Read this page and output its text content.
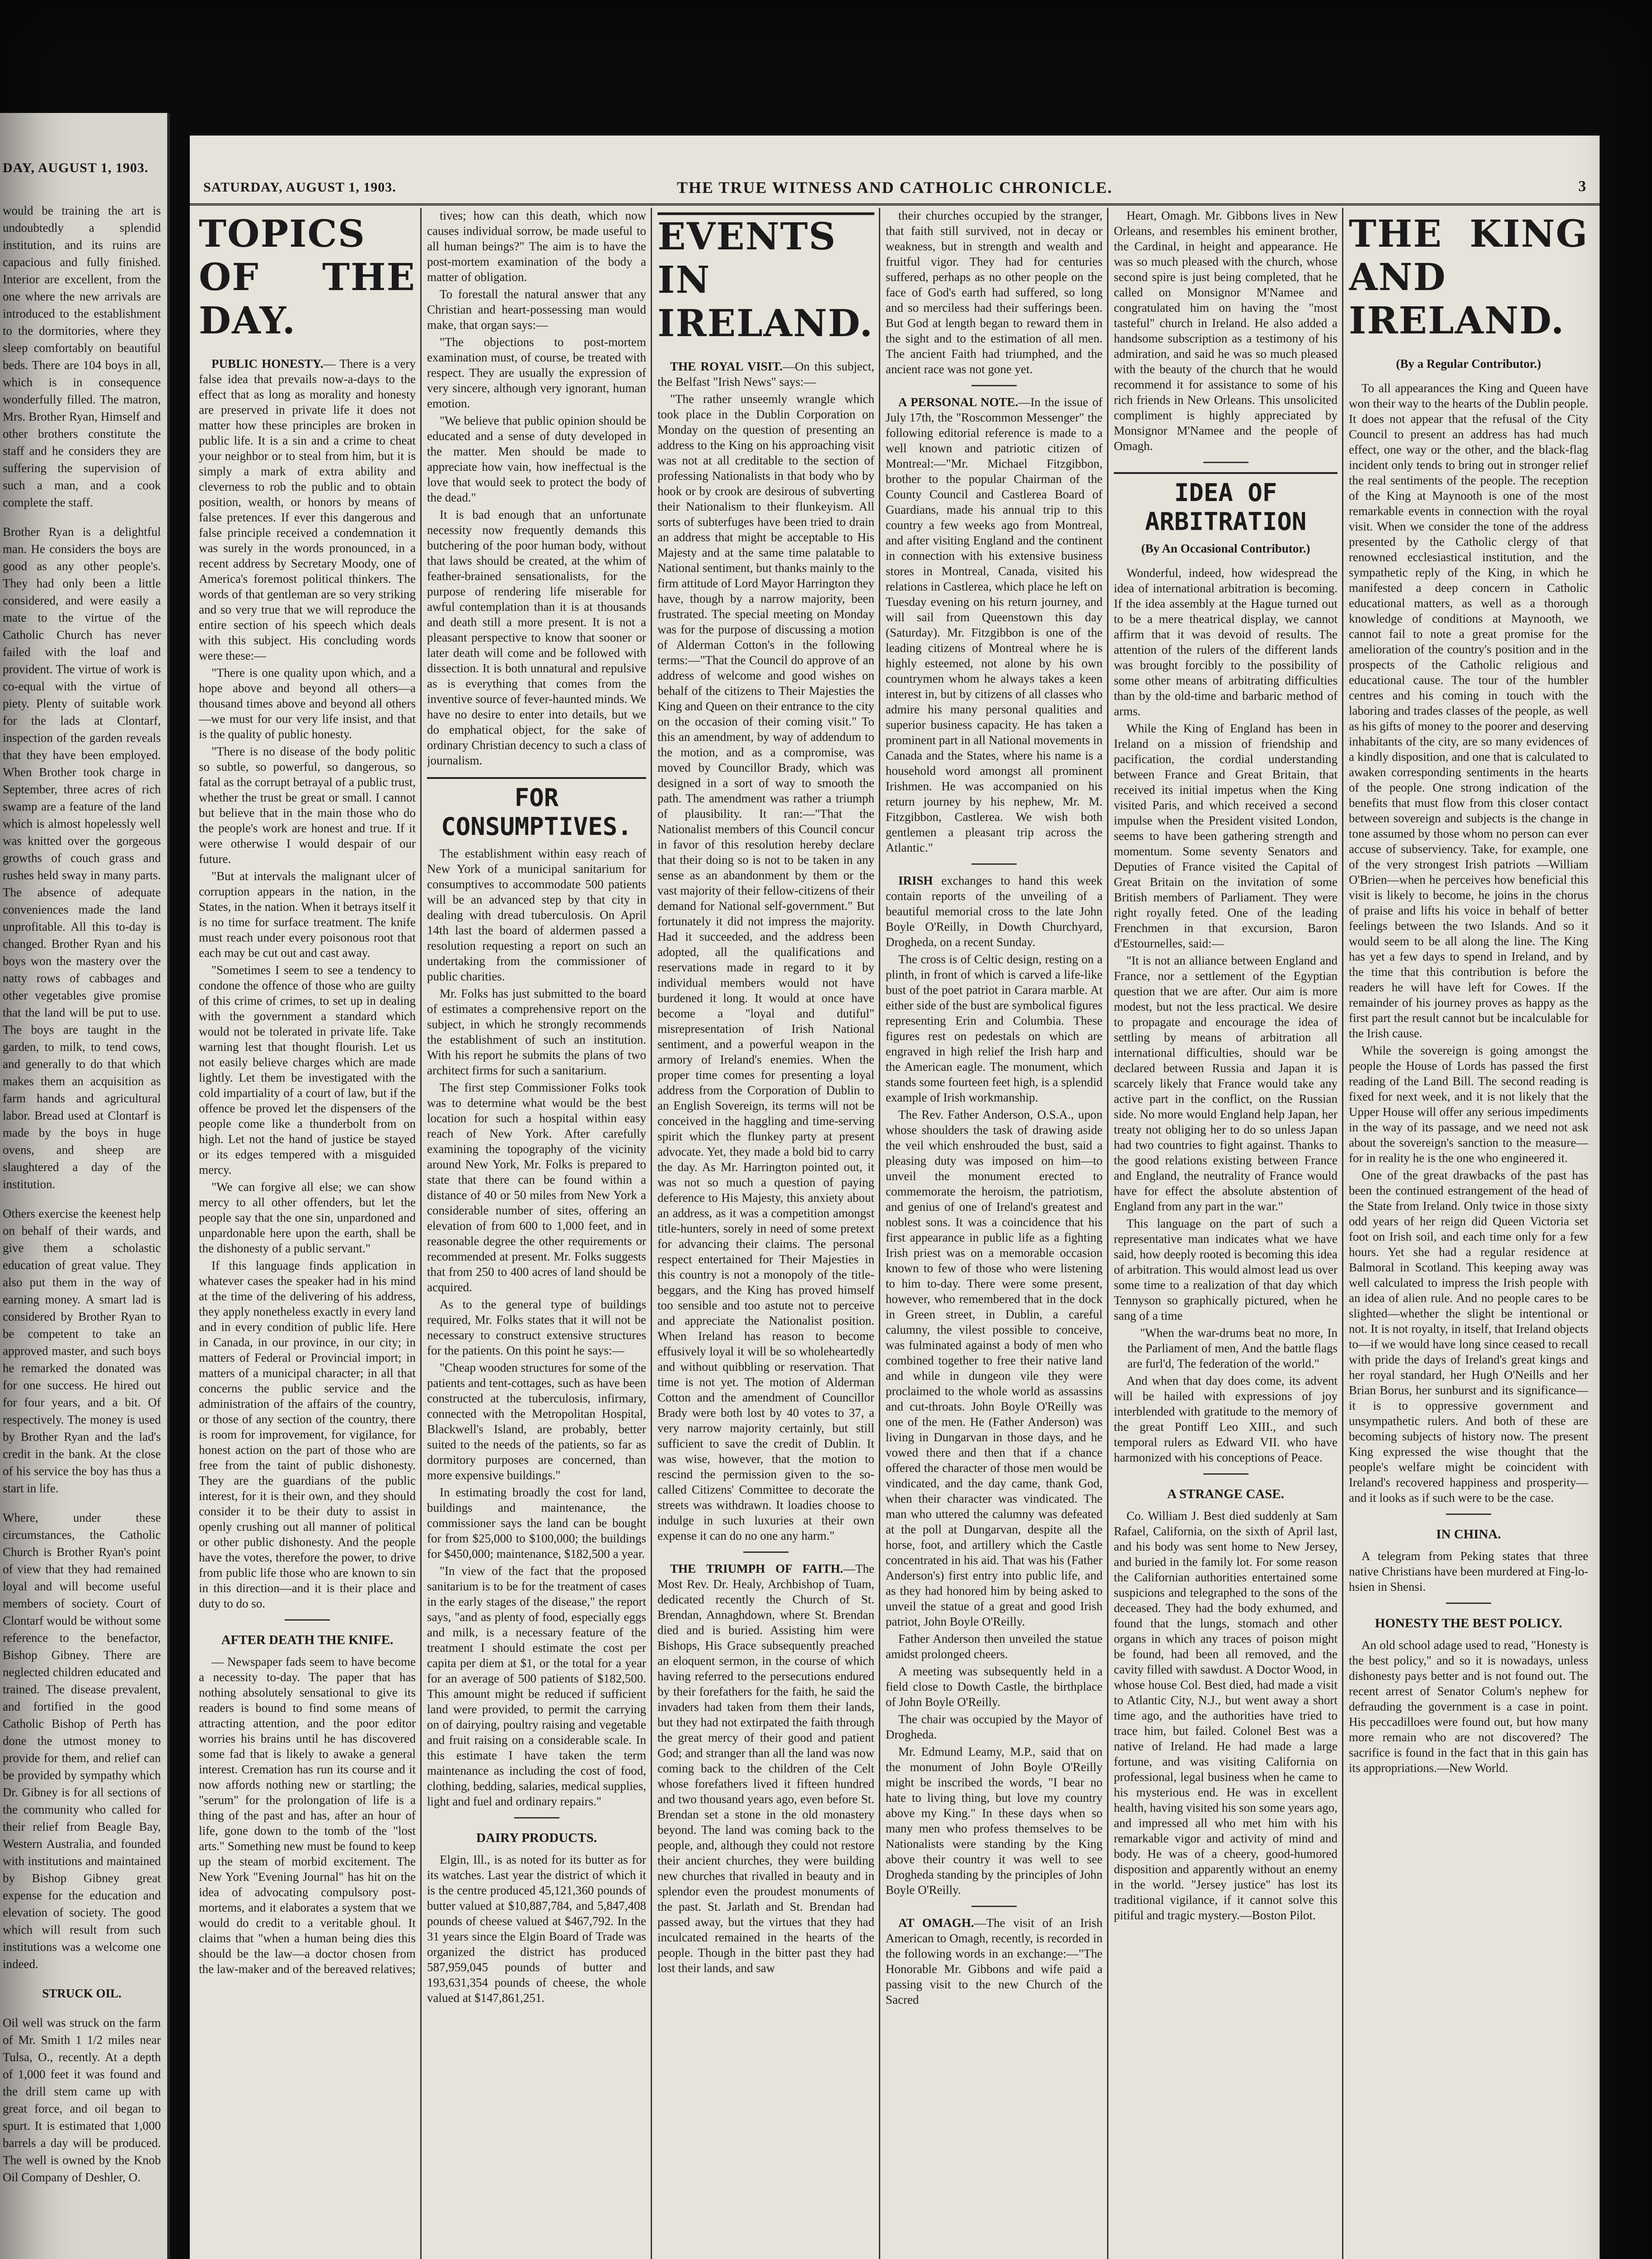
DAY, AUGUST 1, 1903.

would be training the art is undoubtedly a splendid institution, and its ruins are capacious and fully finished. Interior are excellent, from the one where the new arrivals are introduced to the establishment to the dormitories, where they sleep comfortably on beautiful beds. There are 104 boys in all, which is in consequence wonderfully filled. The matron, Mrs. Brother Ryan, Himself and other brothers constitute the staff and he considers they are suffering the supervision of such a man, and a cook complete the staff.

Brother Ryan is a delightful man. He considers the boys are good as any other people's. They had only been a little considered, and were easily a mate to the virtue of the Catholic Church has never failed with the loaf and provident. The virtue of work is co-equal with the virtue of piety. Plenty of suitable work for the lads at Clontarf, inspection of the garden reveals that they have been employed. When Brother took charge in September, three acres of rich swamp are a feature of the land which is almost hopelessly well was knitted over the gorgeous growths of couch grass and rushes held sway in many parts. The absence of adequate conveniences made the land unprofitable. All this to-day is changed. Brother Ryan and his boys won the mastery over the natty rows of cabbages and other vegetables give promise that the land will be put to use. The boys are taught in the garden, to milk, to tend cows, and generally to do that which makes them an acquisition as farm hands and agricultural labor. Bread used at Clontarf is made by the boys in huge ovens, and sheep are slaughtered a day of the institution.

Others exercise the keenest help on behalf of their wards, and give them a scholastic education of great value. They also put them in the way of earning money. A smart lad is considered by Brother Ryan to be competent to take an approved master, and such boys he remarked the donated was for one success. He hired out for four years, and a bit. Of respectively. The money is used by Brother Ryan and the lad's credit in the bank. At the close of his service the boy has thus a start in life.

Where, under these circumstances, the Catholic Church is Brother Ryan's point of view that they had remained loyal and will become useful members of society. Court of Clontarf would be without some reference to the benefactor, Bishop Gibney. There are neglected children educated and trained. The disease prevalent, and fortified in the good Catholic Bishop of Perth has done the utmost money to provide for them, and relief can be provided by sympathy which Dr. Gibney is for all sections of the community who called for their relief from Beagle Bay, Western Australia, and founded with institutions and maintained by Bishop Gibney great expense for the education and elevation of society. The good which will result from such institutions was a welcome one indeed.

STRUCK OIL.

Oil well was struck on the farm of Mr. Smith 1 1/2 miles near Tulsa, O., recently. At a depth of 1,000 feet it was found and the drill stem came up with great force, and oil began to spurt. It is estimated that 1,000 barrels a day will be produced. The well is owned by the Knob Oil Company of Deshler, O.

SATURDAY, AUGUST 1, 1903.	THE TRUE WITNESS AND CATHOLIC CHRONICLE.	3
TOPICS OF THE DAY.

PUBLIC HONESTY.— There is a very false idea that prevails now-a-days to the effect that as long as morality and honesty are preserved in private life it does not matter how these principles are broken in public life. It is a sin and a crime to cheat your neighbor or to steal from him, but it is simply a mark of extra ability and cleverness to rob the public and to obtain position, wealth, or honors by means of false pretences. If ever this dangerous and false principle received a condemnation it was surely in the words pronounced, in a recent address by Secretary Moody, one of America's foremost political thinkers. The words of that gentleman are so very striking and so very true that we will reproduce the entire section of his speech which deals with this subject. His concluding words were these:—

"There is one quality upon which, and a hope above and beyond all others—a thousand times above and beyond all others—we must for our very life insist, and that is the quality of public honesty.

"There is no disease of the body politic so subtle, so powerful, so dangerous, so fatal as the corrupt betrayal of a public trust, whether the trust be great or small. I cannot but believe that in the main those who do the people's work are honest and true. If it were otherwise I would despair of our future.

"But at intervals the malignant ulcer of corruption appears in the nation, in the States, in the nation. When it betrays itself it is no time for surface treatment. The knife must reach under every poisonous root that each may be cut out and cast away.

"Sometimes I seem to see a tendency to condone the offence of those who are guilty of this crime of crimes, to set up in dealing with the government a standard which would not be tolerated in private life. Take warning lest that thought flourish. Let us not easily believe charges which are made lightly. Let them be investigated with the cold impartiality of a court of law, but if the offence be proved let the dispensers of the people come like a thunderbolt from on high. Let not the hand of justice be stayed or its edges tempered with a misguided mercy.

"We can forgive all else; we can show mercy to all other offenders, but let the people say that the one sin, unpardoned and unpardonable here upon the earth, shall be the dishonesty of a public servant."

If this language finds application in whatever cases the speaker had in his mind at the time of the delivering of his address, they apply nonetheless exactly in every land and in every condition of public life. Here in Canada, in our province, in our city; in matters of Federal or Provincial import; in matters of a municipal character; in all that concerns the public service and the administration of the affairs of the country, or those of any section of the country, there is room for improvement, for vigilance, for honest action on the part of those who are free from the taint of public dishonesty. They are the guardians of the public interest, for it is their own, and they should consider it to be their duty to assist in openly crushing out all manner of political or other public dishonesty. And the people have the votes, therefore the power, to drive from public life those who are known to sin in this direction—and it is their place and duty to do so.

AFTER DEATH THE KNIFE.

— Newspaper fads seem to have become a necessity to-day. The paper that has nothing absolutely sensational to give its readers is bound to find some means of attracting attention, and the poor editor worries his brains until he has discovered some fad that is likely to awake a general interest. Cremation has run its course and it now affords nothing new or startling; the "serum" for the prolongation of life is a thing of the past and has, after an hour of life, gone down to the tomb of the "lost arts." Something new must be found to keep up the steam of morbid excitement. The New York "Evening Journal" has hit on the idea of advocating compulsory post-mortems, and it elaborates a system that we would do credit to a veritable ghoul. It claims that "when a human being dies this should be the law—a doctor chosen from the law-maker and of the bereaved relatives;

tives; how can this death, which now causes individual sorrow, be made useful to all human beings?" The aim is to have the post-mortem examination of the body a matter of obligation.

To forestall the natural answer that any Christian and heart-possessing man would make, that organ says:—

"The objections to post-mortem examination must, of course, be treated with respect. They are usually the expression of very sincere, although very ignorant, human emotion.

"We believe that public opinion should be educated and a sense of duty developed in the matter. Men should be made to appreciate how vain, how ineffectual is the love that would seek to protect the body of the dead."

It is bad enough that an unfortunate necessity now frequently demands this butchering of the poor human body, without that laws should be created, at the whim of feather-brained sensationalists, for the purpose of rendering life miserable for awful contemplation than it is at thousands and death still a more present. It is not a pleasant perspective to know that sooner or later death will come and be followed with dissection. It is both unnatural and repulsive as is everything that comes from the inventive source of fever-haunted minds. We have no desire to enter into details, but we do emphatical object, for the sake of ordinary Christian decency to such a class of journalism.

FOR CONSUMPTIVES.

The establishment within easy reach of New York of a municipal sanitarium for consumptives to accommodate 500 patients will be an advanced step by that city in dealing with dread tuberculosis. On April 14th last the board of aldermen passed a resolution requesting a report on such an undertaking from the commissioner of public charities.

Mr. Folks has just submitted to the board of estimates a comprehensive report on the subject, in which he strongly recommends the establishment of such an institution. With his report he submits the plans of two architect firms for such a sanitarium.

The first step Commissioner Folks took was to determine what would be the best location for such a hospital within easy reach of New York. After carefully examining the topography of the vicinity around New York, Mr. Folks is prepared to state that there can be found within a distance of 40 or 50 miles from New York a considerable number of sites, offering an elevation of from 600 to 1,000 feet, and in reasonable degree the other requirements or recommended at present. Mr. Folks suggests that from 250 to 400 acres of land should be acquired.

As to the general type of buildings required, Mr. Folks states that it will not be necessary to construct extensive structures for the patients. On this point he says:—

"Cheap wooden structures for some of the patients and tent-cottages, such as have been constructed at the tuberculosis, infirmary, connected with the Metropolitan Hospital, Blackwell's Island, are probably, better suited to the needs of the patients, so far as dormitory purposes are concerned, than more expensive buildings."

In estimating broadly the cost for land, buildings and maintenance, the commissioner says the land can be bought for from $25,000 to $100,000; the buildings for $450,000; maintenance, $182,500 a year.

"In view of the fact that the proposed sanitarium is to be for the treatment of cases in the early stages of the disease," the report says, "and as plenty of food, especially eggs and milk, is a necessary feature of the treatment I should estimate the cost per capita per diem at $1, or the total for a year for an average of 500 patients of $182,500. This amount might be reduced if sufficient land were provided, to permit the carrying on of dairying, poultry raising and vegetable and fruit raising on a considerable scale. In this estimate I have taken the term maintenance as including the cost of food, clothing, bedding, salaries, medical supplies, light and fuel and ordinary repairs."

DAIRY PRODUCTS.

Elgin, Ill., is as noted for its butter as for its watches. Last year the district of which it is the centre produced 45,121,360 pounds of butter valued at $10,887,784, and 5,847,408 pounds of cheese valued at $467,792. In the 31 years since the Elgin Board of Trade was organized the district has produced 587,959,045 pounds of butter and 193,631,354 pounds of cheese, the whole valued at $147,861,251.

EVENTS IN IRELAND.

THE ROYAL VISIT.—On this subject, the Belfast "Irish News" says:—

"The rather unseemly wrangle which took place in the Dublin Corporation on Monday on the question of presenting an address to the King on his approaching visit was not at all creditable to the section of professing Nationalists in that body who by hook or by crook are desirous of subverting their Nationalism to their flunkeyism. All sorts of subterfuges have been tried to drain an address that might be acceptable to His Majesty and at the same time palatable to National sentiment, but thanks mainly to the firm attitude of Lord Mayor Harrington they have, though by a narrow majority, been frustrated. The special meeting on Monday was for the purpose of discussing a motion of Alderman Cotton's in the following terms:—"That the Council do approve of an address of welcome and good wishes on behalf of the citizens to Their Majesties the King and Queen on their entrance to the city on the occasion of their coming visit." To this an amendment, by way of addendum to the motion, and as a compromise, was moved by Councillor Brady, which was designed in a sort of way to smooth the path. The amendment was rather a triumph of plausibility. It ran:—"That the Nationalist members of this Council concur in favor of this resolution hereby declare that their doing so is not to be taken in any sense as an abandonment by them or the vast majority of their fellow-citizens of their demand for National self-government." But fortunately it did not impress the majority. Had it succeeded, and the address been adopted, all the qualifications and reservations made in regard to it by individual members would not have burdened it long. It would at once have become a "loyal and dutiful" misrepresentation of Irish National sentiment, and a powerful weapon in the armory of Ireland's enemies. When the proper time comes for presenting a loyal address from the Corporation of Dublin to an English Sovereign, its terms will not be conceived in the haggling and time-serving spirit which the flunkey party at present advocate. Yet, they made a bold bid to carry the day. As Mr. Harrington pointed out, it was not so much a question of paying deference to His Majesty, this anxiety about an address, as it was a competition amongst title-hunters, sorely in need of some pretext for advancing their claims. The personal respect entertained for Their Majesties in this country is not a monopoly of the title-beggars, and the King has proved himself too sensible and too astute not to perceive and appreciate the Nationalist position. When Ireland has reason to become effusively loyal it will be so wholeheartedly and without quibbling or reservation. That time is not yet. The motion of Alderman Cotton and the amendment of Councillor Brady were both lost by 40 votes to 37, a very narrow majority certainly, but still sufficient to save the credit of Dublin. It was wise, however, that the motion to rescind the permission given to the so-called Citizens' Committee to decorate the streets was withdrawn. It loadies choose to indulge in such luxuries at their own expense it can do no one any harm."

THE TRIUMPH OF FAITH.—The Most Rev. Dr. Healy, Archbishop of Tuam, dedicated recently the Church of St. Brendan, Annaghdown, where St. Brendan died and is buried. Assisting him were Bishops, His Grace subsequently preached an eloquent sermon, in the course of which having referred to the persecutions endured by their forefathers for the faith, he said the invaders had taken from them their lands, but they had not extirpated the faith through the great mercy of their good and patient God; and stranger than all the land was now coming back to the children of the Celt whose forefathers lived it fifteen hundred and two thousand years ago, even before St. Brendan set a stone in the old monastery beyond. The land was coming back to the people, and, although they could not restore their ancient churches, they were building new churches that rivalled in beauty and in splendor even the proudest monuments of the past. St. Jarlath and St. Brendan had passed away, but the virtues that they had inculcated remained in the hearts of the people. Though in the bitter past they had lost their lands, and saw

their churches occupied by the stranger, that faith still survived, not in decay or weakness, but in strength and wealth and fruitful vigor. They had for centuries suffered, perhaps as no other people on the face of God's earth had suffered, so long and so merciless had their sufferings been. But God at length began to reward them in the sight and to the estimation of all men. The ancient Faith had triumphed, and the ancient race was not gone yet.

A PERSONAL NOTE.—In the issue of July 17th, the "Roscommon Messenger" the following editorial reference is made to a well known and patriotic citizen of Montreal:—"Mr. Michael Fitzgibbon, brother to the popular Chairman of the County Council and Castlerea Board of Guardians, made his annual trip to this country a few weeks ago from Montreal, and after visiting England and the continent in connection with his extensive business stores in Montreal, Canada, visited his relations in Castlerea, which place he left on Tuesday evening on his return journey, and will sail from Queenstown this day (Saturday). Mr. Fitzgibbon is one of the leading citizens of Montreal where he is highly esteemed, not alone by his own countrymen whom he always takes a keen interest in, but by citizens of all classes who admire his many personal qualities and superior business capacity. He has taken a prominent part in all National movements in Canada and the States, where his name is a household word amongst all prominent Irishmen. He was accompanied on his return journey by his nephew, Mr. M. Fitzgibbon, Castlerea. We wish both gentlemen a pleasant trip across the Atlantic."

IRISH exchanges to hand this week contain reports of the unveiling of a beautiful memorial cross to the late John Boyle O'Reilly, in Dowth Churchyard, Drogheda, on a recent Sunday.

The cross is of Celtic design, resting on a plinth, in front of which is carved a life-like bust of the poet patriot in Carara marble. At either side of the bust are symbolical figures representing Erin and Columbia. These figures rest on pedestals on which are engraved in high relief the Irish harp and the American eagle. The monument, which stands some fourteen feet high, is a splendid example of Irish workmanship.

The Rev. Father Anderson, O.S.A., upon whose shoulders the task of drawing aside the veil which enshrouded the bust, said a pleasing duty was imposed on him—to unveil the monument erected to commemorate the heroism, the patriotism, and genius of one of Ireland's greatest and noblest sons. It was a coincidence that his first appearance in public life as a fighting Irish priest was on a memorable occasion known to few of those who were listening to him to-day. There were some present, however, who remembered that in the dock in Green street, in Dublin, a careful calumny, the vilest possible to conceive, was fulminated against a body of men who combined together to free their native land and while in dungeon vile they were proclaimed to the whole world as assassins and cut-throats. John Boyle O'Reilly was one of the men. He (Father Anderson) was living in Dungarvan in those days, and he vowed there and then that if a chance offered the character of those men would be vindicated, and the day came, thank God, when their character was vindicated. The man who uttered the calumny was defeated at the poll at Dungarvan, despite all the horse, foot, and artillery which the Castle concentrated in his aid. That was his (Father Anderson's) first entry into public life, and as they had honored him by being asked to unveil the statue of a great and good Irish patriot, John Boyle O'Reilly.

Father Anderson then unveiled the statue amidst prolonged cheers.

A meeting was subsequently held in a field close to Dowth Castle, the birthplace of John Boyle O'Reilly.

The chair was occupied by the Mayor of Drogheda.

Mr. Edmund Leamy, M.P., said that on the monument of John Boyle O'Reilly might be inscribed the words, "I bear no hate to living thing, but love my country above my King." In these days when so many men who profess themselves to be Nationalists were standing by the King above their country it was well to see Drogheda standing by the principles of John Boyle O'Reilly.

AT OMAGH.—The visit of an Irish American to Omagh, recently, is recorded in the following words in an exchange:—"The Honorable Mr. Gibbons and wife paid a passing visit to the new Church of the Sacred

Heart, Omagh. Mr. Gibbons lives in New Orleans, and resembles his eminent brother, the Cardinal, in height and appearance. He was so much pleased with the church, whose second spire is just being completed, that he called on Monsignor M'Namee and congratulated him on having the "most tasteful" church in Ireland. He also added a handsome subscription as a testimony of his admiration, and said he was so much pleased with the beauty of the church that he would recommend it for assistance to some of his rich friends in New Orleans. This unsolicited compliment is highly appreciated by Monsignor M'Namee and the people of Omagh.

IDEA OF ARBITRATION
(By An Occasional Contributor.)

Wonderful, indeed, how widespread the idea of international arbitration is becoming. If the idea assembly at the Hague turned out to be a mere theatrical display, we cannot affirm that it was devoid of results. The attention of the rulers of the different lands was brought forcibly to the possibility of some other means of arbitrating difficulties than by the old-time and barbaric method of arms.

While the King of England has been in Ireland on a mission of friendship and pacification, the cordial understanding between France and Great Britain, that received its initial impetus when the King visited Paris, and which received a second impulse when the President visited London, seems to have been gathering strength and momentum. Some seventy Senators and Deputies of France visited the Capital of Great Britain on the invitation of some British members of Parliament. They were right royally feted. One of the leading Frenchmen in that excursion, Baron d'Estournelles, said:—

"It is not an alliance between England and France, nor a settlement of the Egyptian question that we are after. Our aim is more modest, but not the less practical. We desire to propagate and encourage the idea of settling by means of arbitration all international difficulties, should war be declared between Russia and Japan it is scarcely likely that France would take any active part in the conflict, on the Russian side. No more would England help Japan, her treaty not obliging her to do so unless Japan had two countries to fight against. Thanks to the good relations existing between France and England, the neutrality of France would have for effect the absolute abstention of England from any part in the war."

This language on the part of such a representative man indicates what we have said, how deeply rooted is becoming this idea of arbitration. This would almost lead us over some time to a realization of that day which Tennyson so graphically pictured, when he sang of a time

"When the war-drums beat no more, In the Parliament of men, And the battle flags are furl'd, The federation of the world."

And when that day does come, its advent will be hailed with expressions of joy interblended with gratitude to the memory of the great Pontiff Leo XIII., and such temporal rulers as Edward VII. who have harmonized with his conceptions of Peace.

A STRANGE CASE.

Co. William J. Best died suddenly at Sam Rafael, California, on the sixth of April last, and his body was sent home to New Jersey, and buried in the family lot. For some reason the Californian authorities entertained some suspicions and telegraphed to the sons of the deceased. They had the body exhumed, and found that the lungs, stomach and other organs in which any traces of poison might be found, had been all removed, and the cavity filled with sawdust. A Doctor Wood, in whose house Col. Best died, had made a visit to Atlantic City, N.J., but went away a short time ago, and the authorities have tried to trace him, but failed. Colonel Best was a native of Ireland. He had made a large fortune, and was visiting California on professional, legal business when he came to his mysterious end. He was in excellent health, having visited his son some years ago, and impressed all who met him with his remarkable vigor and activity of mind and body. He was of a cheery, good-humored disposition and apparently without an enemy in the world. "Jersey justice" has lost its traditional vigilance, if it cannot solve this pitiful and tragic mystery.—Boston Pilot.

THE KING AND IRELAND.
(By a Regular Contributor.)

To all appearances the King and Queen have won their way to the hearts of the Dublin people. It does not appear that the refusal of the City Council to present an address has had much effect, one way or the other, and the black-flag incident only tends to bring out in stronger relief the real sentiments of the people. The reception of the King at Maynooth is one of the most remarkable events in connection with the royal visit. When we consider the tone of the address presented by the Catholic clergy of that renowned ecclesiastical institution, and the sympathetic reply of the King, in which he manifested a deep concern in Catholic educational matters, as well as a thorough knowledge of conditions at Maynooth, we cannot fail to note a great promise for the amelioration of the country's position and in the prospects of the Catholic religious and educational cause. The tour of the humbler centres and his coming in touch with the laboring and trades classes of the people, as well as his gifts of money to the poorer and deserving inhabitants of the city, are so many evidences of a kindly disposition, and one that is calculated to awaken corresponding sentiments in the hearts of the people. One strong indication of the benefits that must flow from this closer contact between sovereign and subjects is the change in tone assumed by those whom no person can ever accuse of subserviency. Take, for example, one of the very strongest Irish patriots —William O'Brien—when he perceives how beneficial this visit is likely to become, he joins in the chorus of praise and lifts his voice in behalf of better feelings between the two Islands. And so it would seem to be all along the line. The King has yet a few days to spend in Ireland, and by the time that this contribution is before the readers he will have left for Cowes. If the remainder of his journey proves as happy as the first part the result cannot but be incalculable for the Irish cause.

While the sovereign is going amongst the people the House of Lords has passed the first reading of the Land Bill. The second reading is fixed for next week, and it is not likely that the Upper House will offer any serious impediments in the way of its passage, and we need not ask about the sovereign's sanction to the measure—for in reality he is the one who engineered it.

One of the great drawbacks of the past has been the continued estrangement of the head of the State from Ireland. Only twice in those sixty odd years of her reign did Queen Victoria set foot on Irish soil, and each time only for a few hours. Yet she had a regular residence at Balmoral in Scotland. This keeping away was well calculated to impress the Irish people with an idea of alien rule. And no people cares to be slighted—whether the slight be intentional or not. It is not royalty, in itself, that Ireland objects to—if we would have long since ceased to recall with pride the days of Ireland's great kings and her royal standard, her Hugh O'Neills and her Brian Borus, her sunburst and its significance—it is to oppressive government and unsympathetic rulers. And both of these are becoming subjects of history now. The present King expressed the wise thought that the people's welfare might be coincident with Ireland's recovered happiness and prosperity—and it looks as if such were to be the case.

IN CHINA.

A telegram from Peking states that three native Christians have been murdered at Fing-lo-hsien in Shensi.

HONESTY THE BEST POLICY.

An old school adage used to read, "Honesty is the best policy," and so it is nowadays, unless dishonesty pays better and is not found out. The recent arrest of Senator Colum's nephew for defrauding the government is a case in point. His peccadilloes were found out, but how many more remain who are not discovered? The sacrifice is found in the fact that in this gain has its appropriations.—New World.
